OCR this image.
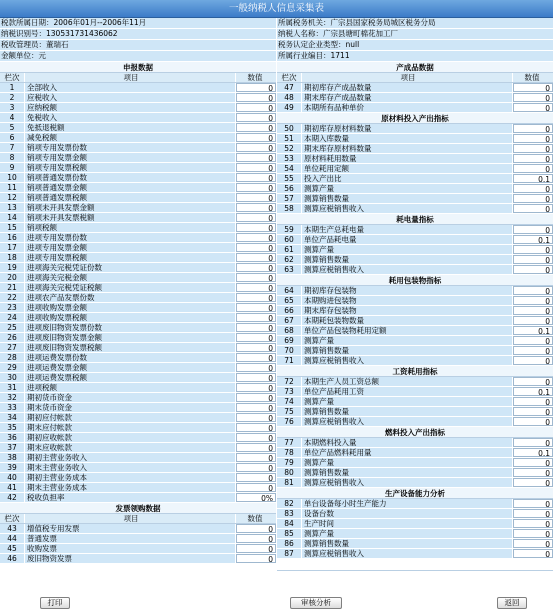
一般纳税人信息采集表
税款所属日期：2006年01月--2006年11月	所属税务机关：广宗县国家税务局城区税务分局
纳税识别号：130531731436062	纳税人名称：广宗县塘町棉花加工厂
税收管理员：董瑞石	税务认定企业类型：null
金额单位：元	所属行业编目：1711
申报数据
栏次	项目	数值
1	全部收入	0
2	应税收入	0
3	应纳税额	0
4	免税收入	0
5	免抵退税额	0
6	减免税额	0
7	销项专用发票份数	0
8	销项专用发票金额	0
9	销项专用发票税额	0
10	销项普通发票份数	0
11	销项普通发票金额	0
12	销项普通发票税额	0
13	销项未开具发票金额	0
14	销项未开具发票税额	0
15	销项税额	0
16	进项专用发票份数	0
17	进项专用发票金额	0
18	进项专用发票税额	0
19	进项海关完税凭证份数	0
20	进项海关完税金额	0
21	进项海关完税凭证税额	0
22	进项农产品发票份数	0
23	进项收购发票金额	0
24	进项收购发票税额	0
25	进项废旧物资发票份数	0
26	进项废旧物资发票金额	0
27	进项废旧物资发票税额	0
28	进项运费发票份数	0
29	进项运费发票金额	0
30	进项运费发票税额	0
31	进项税额	0
32	期初货币资金	0
33	期末货币资金	0
34	期初应付帐款	0
35	期末应付帐款	0
36	期初应收帐款	0
37	期末应收帐款	0
38	期初主营业务收入	0
39	期末主营业务收入	0
40	期初主营业务成本	0
41	期末主营业务成本	0
42	税收负担率	0%
发票领购数据
栏次	项目	数值
43	增值税专用发票	0
44	普通发票	0
45	收购发票	0
46	废旧物资发票	0
产成品数据
栏次	项目	数值
47	期初库存产成品数量	0
48	期末库存产成品数量	0
49	本期所有品种单价	0
原材料投入产出指标
50	期初库存原材料数量	0
51	本期入库数量	0
52	期末库存原材料数量	0
53	原材料耗用数量	0
54	单位耗用定额	0
55	投入产出比	0.1
56	测算产量	0
57	测算销售数量	0
58	测算应税销售收入	0
耗电量指标
59	本期生产总耗电量	0
60	单位产品耗电量	0.1
61	测算产量	0
62	测算销售数量	0
63	测算应税销售收入	0
耗用包装物指标
64	期初库存包装物	0
65	本期购进包装物	0
66	期末库存包装物	0
67	本期耗包装物数量	0
68	单位产品包装物耗用定额	0.1
69	测算产量	0
70	测算销售数量	0
71	测算应税销售收入	0
工资耗用指标
72	本期生产人员工资总额	0
73	单位产品耗用工资	0.1
74	测算产量	0
75	测算销售数量	0
76	测算应税销售收入	0
燃料投入产出指标
77	本期燃料投入量	0
78	单位产品燃料耗用量	0.1
79	测算产量	0
80	测算销售数量	0
81	测算应税销售收入	0
生产设备能力分析
82	单台设备每小时生产能力	0
83	设备台数	0
84	生产时间	0
85	测算产量	0
86	测算销售数量	0
87	测算应税销售收入	0
打印	审核分析	返回
